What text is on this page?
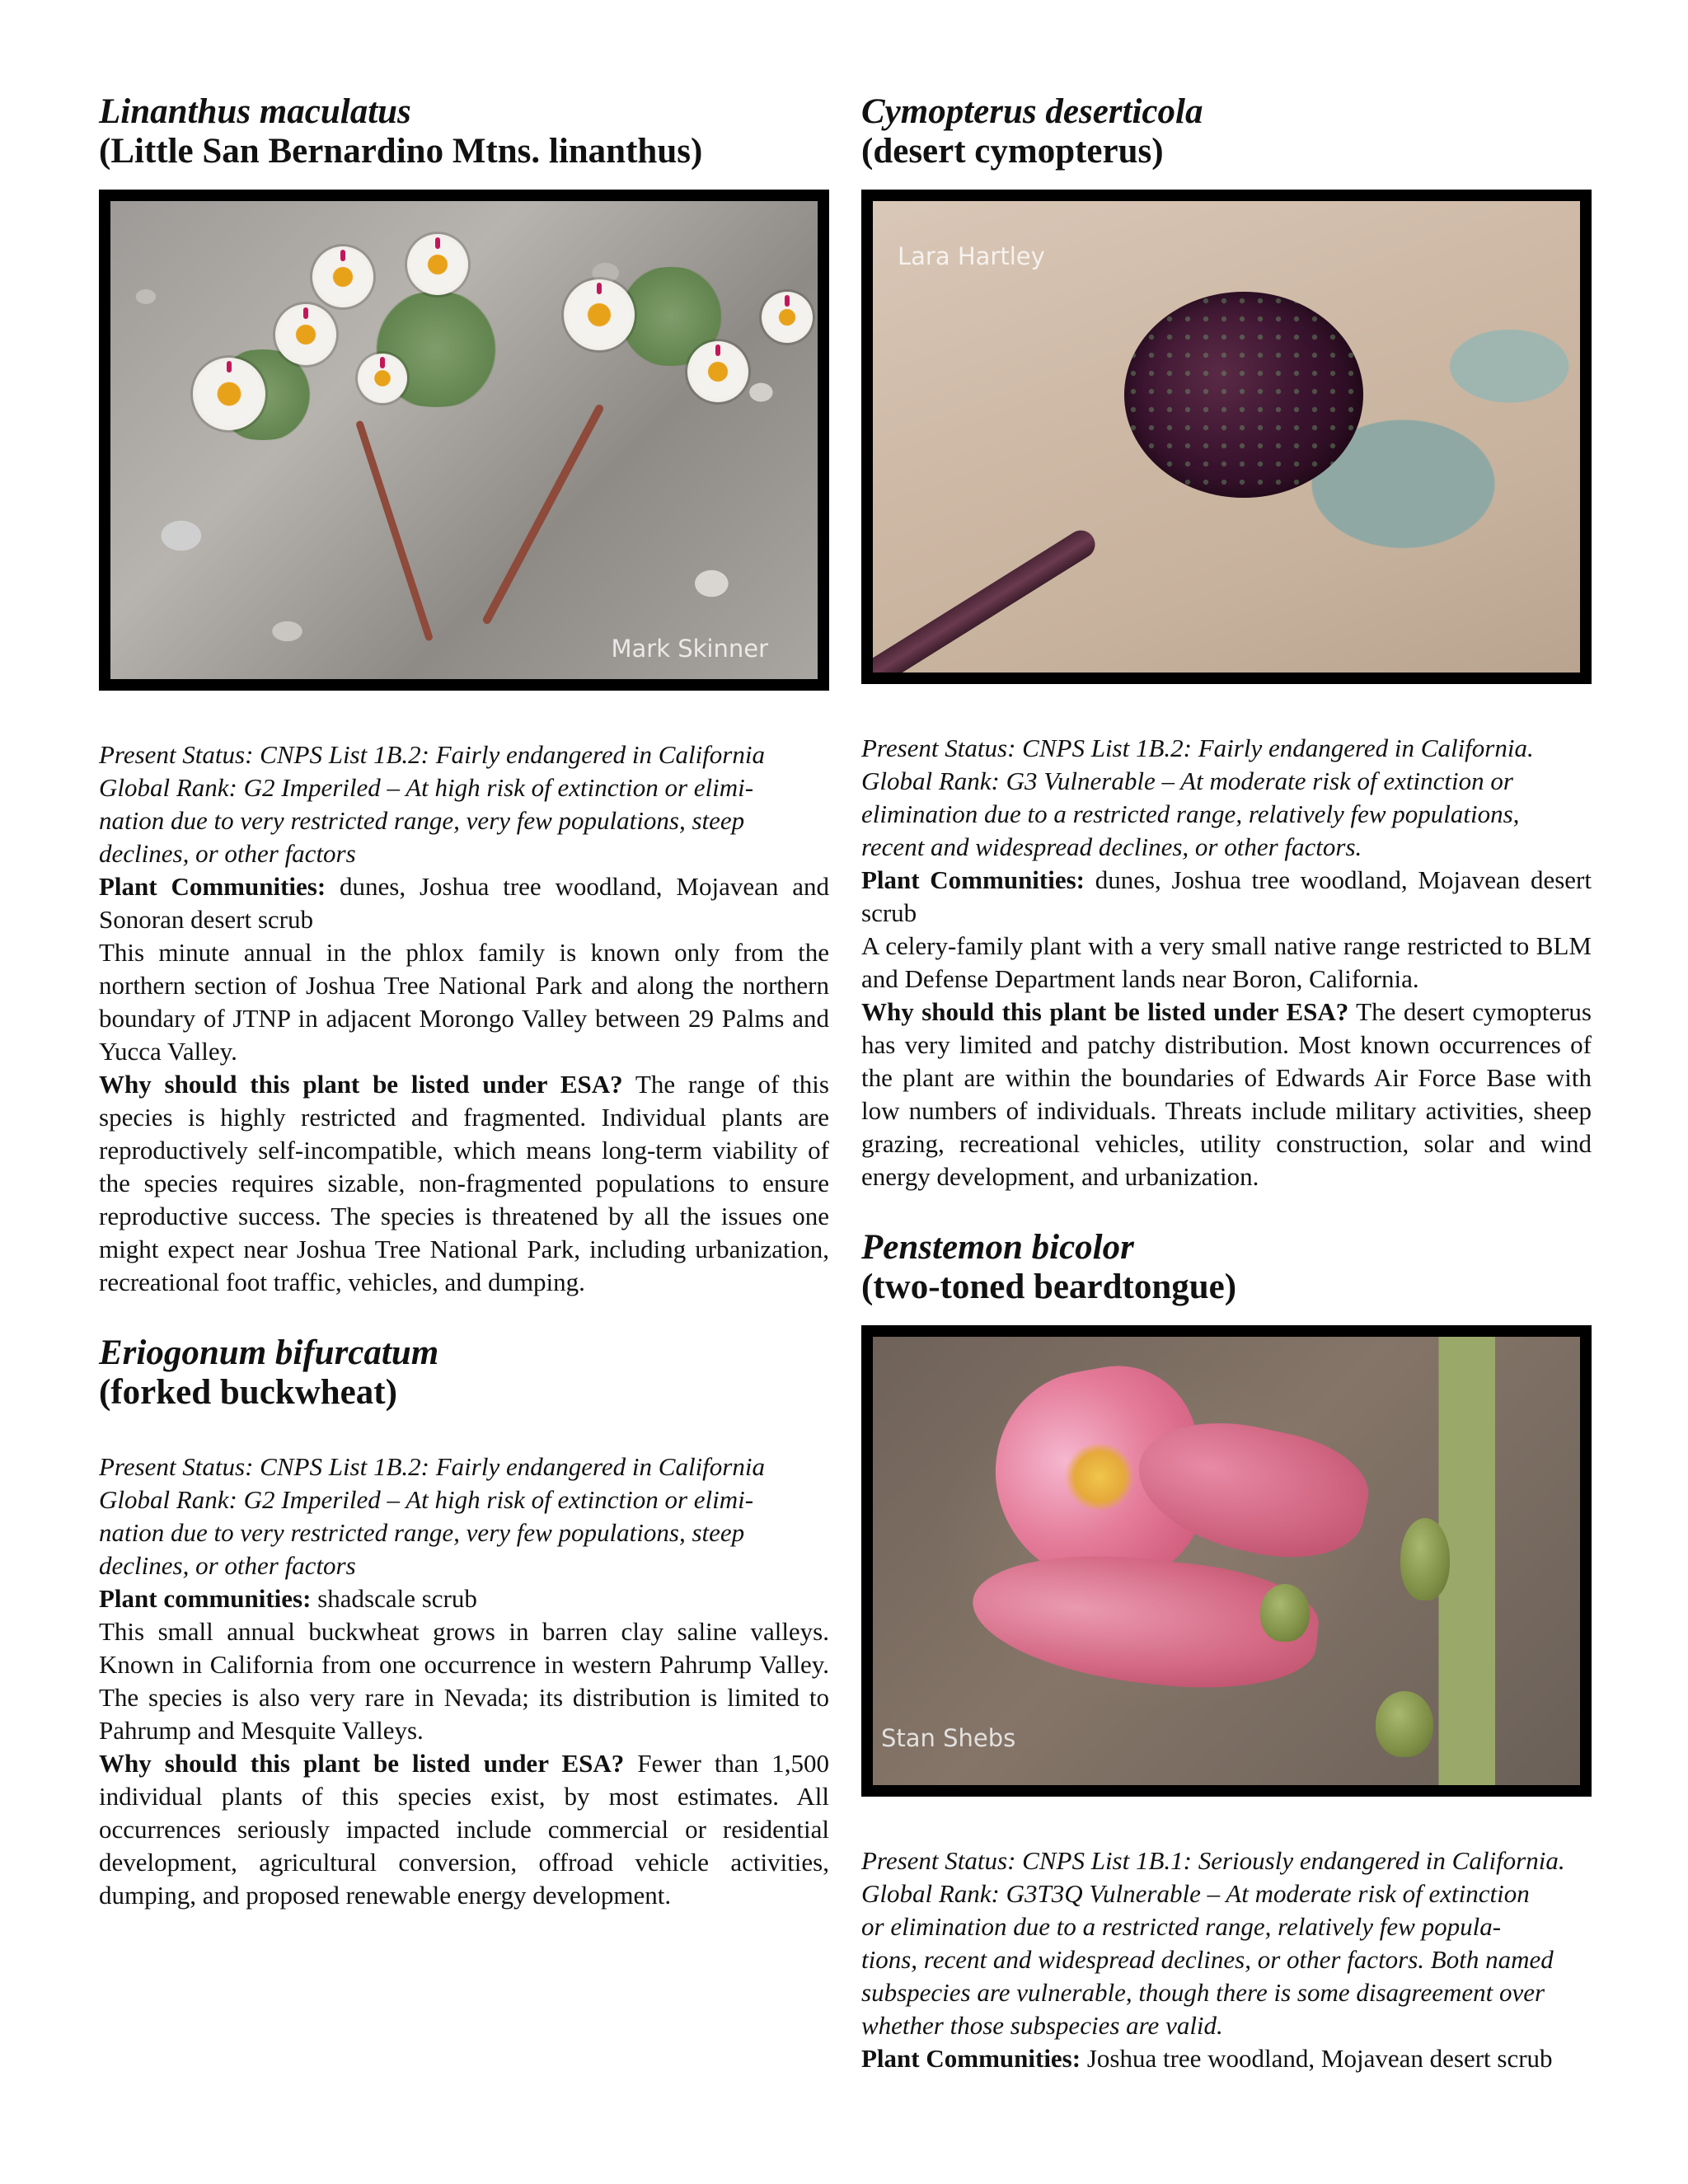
Linanthus maculatus
(Little San Bernardino Mtns. linanthus)
Mark Skinner

Present Status: CNPS List 1B.2: Fairly endangered in California

Global Rank: G2 Imperiled – At high risk of extinction or elimi-

nation due to very restricted range, very few populations, steep

declines, or other factors

Plant Communities: dunes, Joshua tree woodland, Mojavean and Sonoran desert scrub

This minute annual in the phlox family is known only from the northern section of Joshua Tree National Park and along the northern boundary of JTNP in adjacent Morongo Valley between 29 Palms and Yucca Valley.

Why should this plant be listed under ESA? The range of this species is highly restricted and fragmented. Individual plants are reproductively self-incompatible, which means long-term viability of the species requires sizable, non-fragmented populations to ensure reproductive success. The species is threatened by all the issues one might expect near Joshua Tree National Park, including urbanization, recreational foot traffic, vehicles, and dumping.

Eriogonum bifurcatum
(forked buckwheat)

Present Status: CNPS List 1B.2: Fairly endangered in California

Global Rank: G2 Imperiled – At high risk of extinction or elimi-

nation due to very restricted range, very few populations, steep

declines, or other factors

Plant communities: shadscale scrub

This small annual buckwheat grows in barren clay saline valleys. Known in California from one occurrence in western Pahrump Valley. The species is also very rare in Nevada; its distribution is limited to Pahrump and Mesquite Valleys.

Why should this plant be listed under ESA? Fewer than 1,500 individual plants of this species exist, by most estimates. All occurrences seriously impacted include commercial or residential development, agricultural conversion, offroad vehicle activities, dumping, and proposed renewable energy development.

Cymopterus deserticola
(desert cymopterus)
Lara Hartley

Present Status: CNPS List 1B.2: Fairly endangered in California.

Global Rank: G3 Vulnerable – At moderate risk of extinction or

elimination due to a restricted range, relatively few populations,

recent and widespread declines, or other factors.

Plant Communities: dunes, Joshua tree woodland, Mojavean desert scrub

A celery-family plant with a very small native range restricted to BLM and Defense Department lands near Boron, California.

Why should this plant be listed under ESA? The desert cymopterus has very limited and patchy distribution. Most known occurrences of the plant are within the boundaries of Edwards Air Force Base with low numbers of individuals. Threats include military activities, sheep grazing, recreational vehicles, utility construction, solar and wind energy development, and urbanization.

Penstemon bicolor
(two-toned beardtongue)
Stan Shebs

Present Status: CNPS List 1B.1: Seriously endangered in California.

Global Rank: G3T3Q Vulnerable – At moderate risk of extinction

or elimination due to a restricted range, relatively few popula-

tions, recent and widespread declines, or other factors. Both named

subspecies are vulnerable, though there is some disagreement over

whether those subspecies are valid.

Plant Communities: Joshua tree woodland, Mojavean desert scrub
